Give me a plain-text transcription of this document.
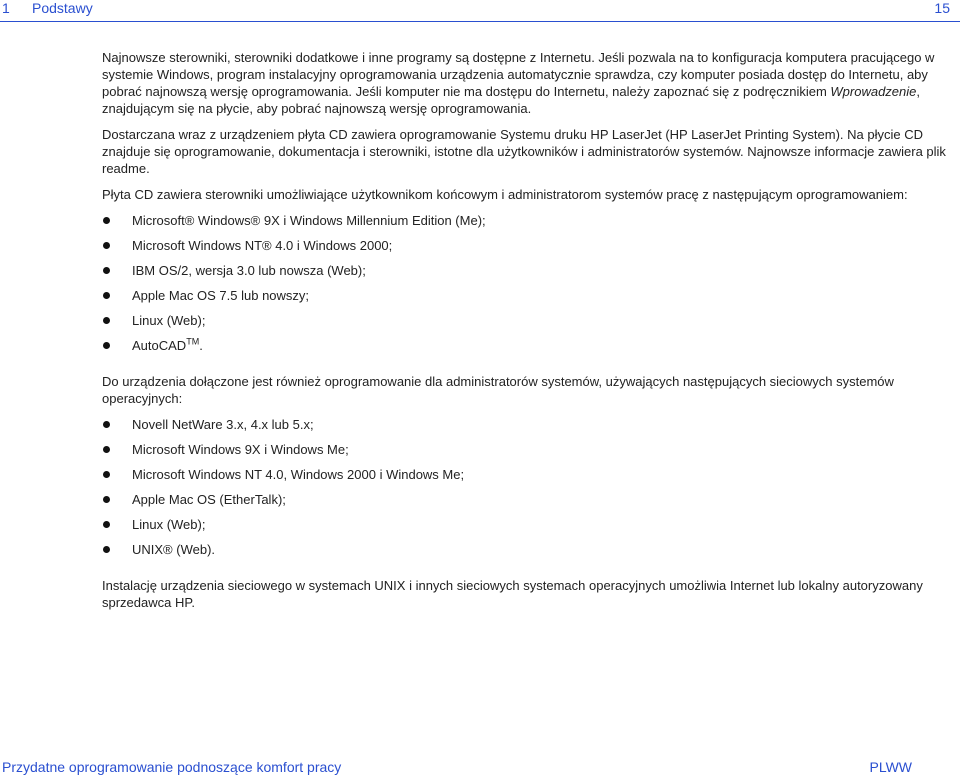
1 Podstawy	15

Najnowsze sterowniki, sterowniki dodatkowe i inne programy są dostępne z Internetu. Jeśli pozwala na to konfiguracja komputera pracującego w systemie Windows, program instalacyjny oprogramowania urządzenia automatycznie sprawdza, czy komputer posiada dostęp do Internetu, aby pobrać najnowszą wersję oprogramowania. Jeśli komputer nie ma dostępu do Internetu, należy zapoznać się z podręcznikiem Wprowadzenie, znajdującym się na płycie, aby pobrać najnowszą wersję oprogramowania.

Dostarczana wraz z urządzeniem płyta CD zawiera oprogramowanie Systemu druku HP LaserJet (HP LaserJet Printing System). Na płycie CD znajduje się oprogramowanie, dokumentacja i sterowniki, istotne dla użytkowników i administratorów systemów. Najnowsze informacje zawiera plik readme.

Płyta CD zawiera sterowniki umożliwiające użytkownikom końcowym i administratorom systemów pracę z następującym oprogramowaniem:

Microsoft® Windows® 9X i Windows Millennium Edition (Me);
Microsoft Windows NT® 4.0 i Windows 2000;
IBM OS/2, wersja 3.0 lub nowsza (Web);
Apple Mac OS 7.5 lub nowszy;
Linux (Web);
AutoCAD™.

Do urządzenia dołączone jest również oprogramowanie dla administratorów systemów, używających następujących sieciowych systemów operacyjnych:

Novell NetWare 3.x, 4.x lub 5.x;
Microsoft Windows 9X i Windows Me;
Microsoft Windows NT 4.0, Windows 2000 i Windows Me;
Apple Mac OS (EtherTalk);
Linux (Web);
UNIX® (Web).

Instalację urządzenia sieciowego w systemach UNIX i innych sieciowych systemach operacyjnych umożliwia Internet lub lokalny autoryzowany sprzedawca HP.

Przydatne oprogramowanie podnoszące komfort pracy	PLWW
